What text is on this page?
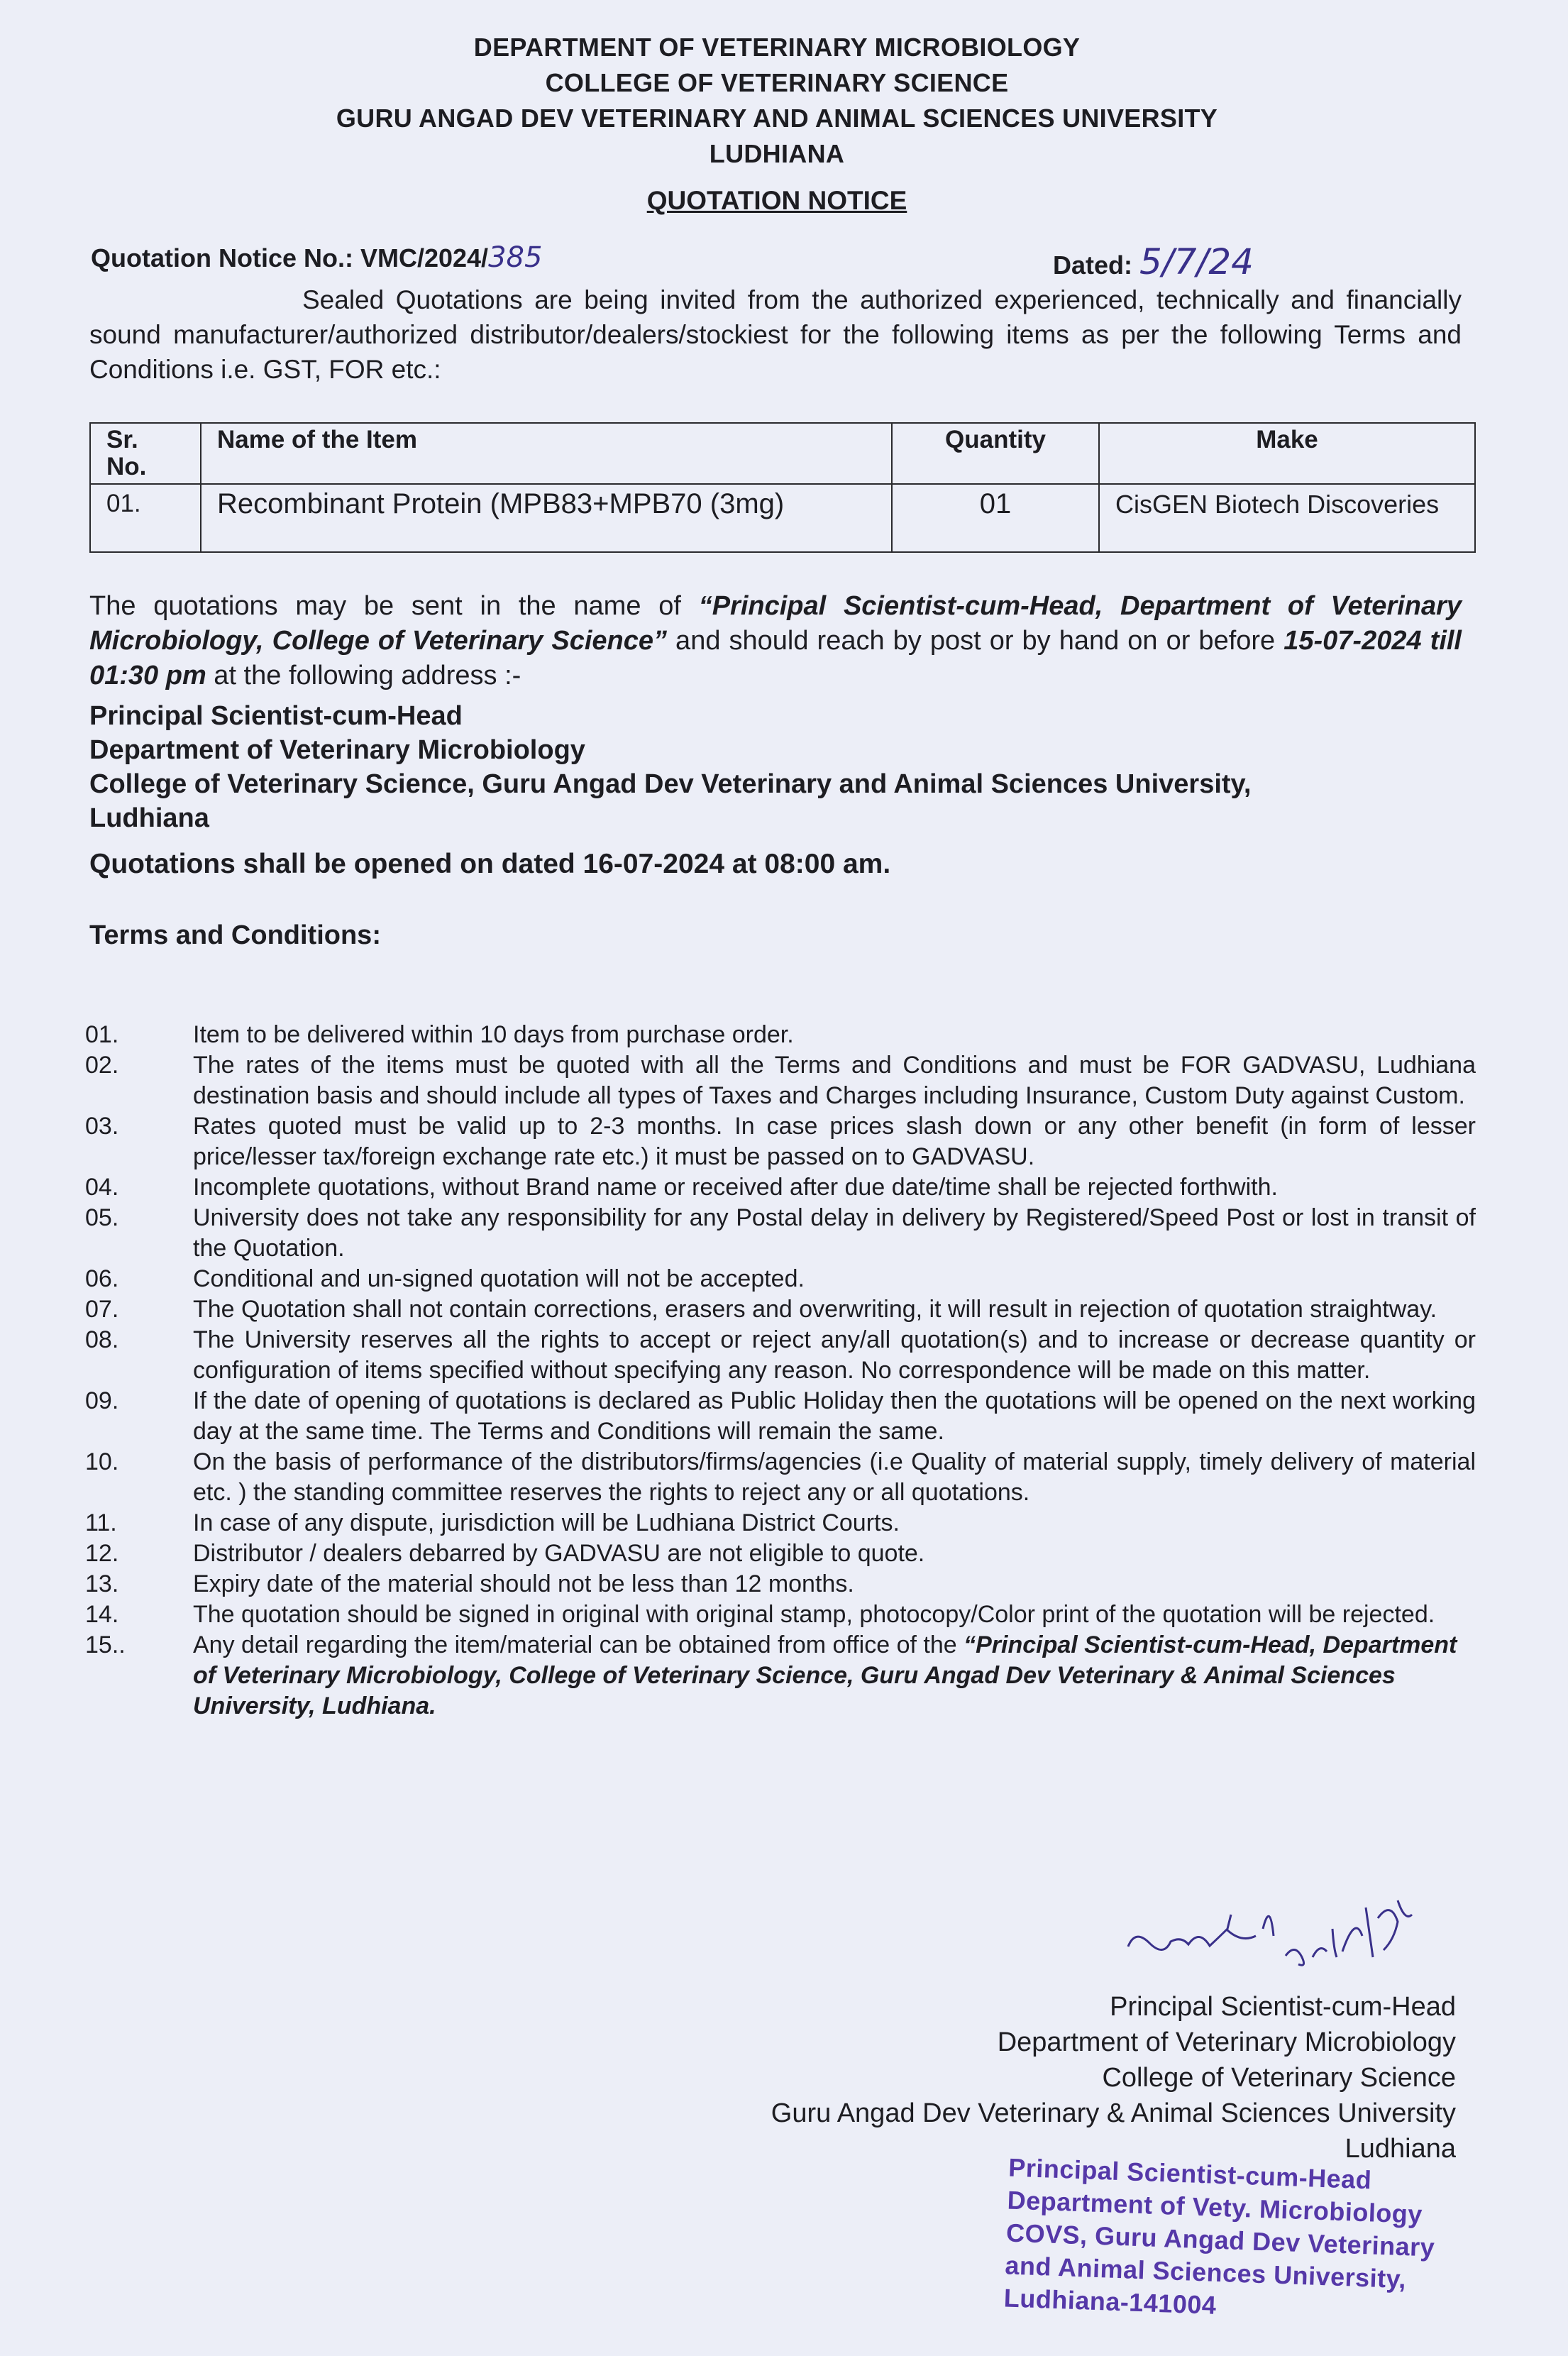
DEPARTMENT OF VETERINARY MICROBIOLOGY
COLLEGE OF VETERINARY SCIENCE
GURU ANGAD DEV VETERINARY AND ANIMAL SCIENCES UNIVERSITY
LUDHIANA
QUOTATION NOTICE
Quotation Notice No.: VMC/2024/385	Dated: 5/7/24
Sealed Quotations are being invited from the authorized experienced, technically and financially sound manufacturer/authorized distributor/dealers/stockiest for the following items as per the following Terms and Conditions i.e. GST, FOR etc.:
Sr. No.	Name of the Item	Quantity	Make
01.	Recombinant Protein (MPB83+MPB70 (3mg)	01	CisGEN Biotech Discoveries
The quotations may be sent in the name of “Principal Scientist-cum-Head, Department of Veterinary Microbiology, College of Veterinary Science” and should reach by post or by hand on or before 15-07-2024 till 01:30 pm at the following address :-
Principal Scientist-cum-Head
Department of Veterinary Microbiology
College of Veterinary Science, Guru Angad Dev Veterinary and Animal Sciences University,
Ludhiana
Quotations shall be opened on dated 16-07-2024 at 08:00 am.
Terms and Conditions:
01.	Item to be delivered within 10 days from purchase order.
02.	The rates of the items must be quoted with all the Terms and Conditions and must be FOR GADVASU, Ludhiana destination basis and should include all types of Taxes and Charges including Insurance, Custom Duty against Custom.
03.	Rates quoted must be valid up to 2-3 months. In case prices slash down or any other benefit (in form of lesser price/lesser tax/foreign exchange rate etc.) it must be passed on to GADVASU.
04.	Incomplete quotations, without Brand name or received after due date/time shall be rejected forthwith.
05.	University does not take any responsibility for any Postal delay in delivery by Registered/Speed Post or lost in transit of the Quotation.
06.	Conditional and un-signed quotation will not be accepted.
07.	The Quotation shall not contain corrections, erasers and overwriting, it will result in rejection of quotation straightway.
08.	The University reserves all the rights to accept or reject any/all quotation(s) and to increase or decrease quantity or configuration of items specified without specifying any reason. No correspondence will be made on this matter.
09.	If the date of opening of quotations is declared as Public Holiday then the quotations will be opened on the next working day at the same time. The Terms and Conditions will remain the same.
10.	On the basis of performance of the distributors/firms/agencies (i.e Quality of material supply, timely delivery of material etc. ) the standing committee reserves the rights to reject any or all quotations.
11.	In case of any dispute, jurisdiction will be Ludhiana District Courts.
12.	Distributor / dealers debarred by GADVASU are not eligible to quote.
13.	Expiry date of the material should not be less than 12 months.
14.	The quotation should be signed in original with original stamp, photocopy/Color print of the quotation will be rejected.
15..	Any detail regarding the item/material can be obtained from office of the “Principal Scientist-cum-Head, Department of Veterinary Microbiology, College of Veterinary Science, Guru Angad Dev Veterinary & Animal Sciences University, Ludhiana.
Principal Scientist-cum-Head
Department of Veterinary Microbiology
College of Veterinary Science
Guru Angad Dev Veterinary & Animal Sciences University
Ludhiana
Principal Scientist-cum-Head
Department of Vety. Microbiology
COVS, Guru Angad Dev Veterinary
and Animal Sciences University,
Ludhiana-141004
